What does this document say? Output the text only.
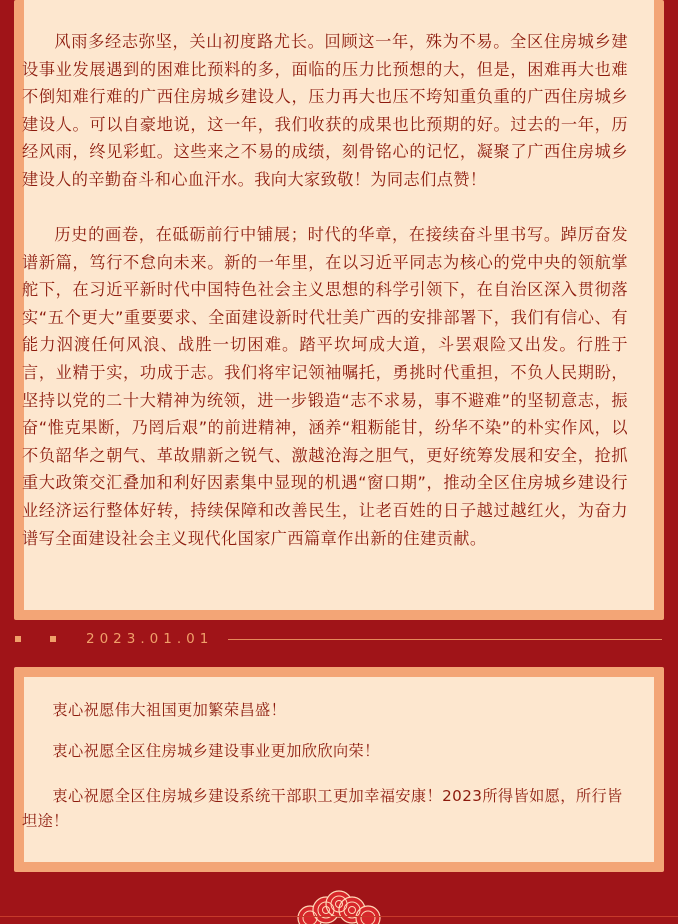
风雨多经志弥坚，关山初度路尤长。回顾这一年，殊为不易。全区住房城乡建设事业发展遇到的困难比预料的多，面临的压力比预想的大，但是，困难再大也难不倒知难行难的广西住房城乡建设人，压力再大也压不垮知重负重的广西住房城乡建设人。可以自豪地说，这一年，我们收获的成果也比预期的好。过去的一年，历经风雨，终见彩虹。这些来之不易的成绩，刻骨铭心的记忆，凝聚了广西住房城乡建设人的辛勤奋斗和心血汗水。我向大家致敬！为同志们点赞！

历史的画卷，在砥砺前行中铺展；时代的华章，在接续奋斗里书写。踔厉奋发谱新篇，笃行不怠向未来。新的一年里，在以习近平同志为核心的党中央的领航掌舵下，在习近平新时代中国特色社会主义思想的科学引领下，在自治区深入贯彻落实“五个更大”重要要求、全面建设新时代壮美广西的安排部署下，我们有信心、有能力泅渡任何风浪、战胜一切困难。踏平坎坷成大道，斗罢艰险又出发。行胜于言，业精于实，功成于志。我们将牢记领袖嘱托，勇挑时代重担，不负人民期盼，坚持以党的二十大精神为统领，进一步锻造“志不求易，事不避难”的坚韧意志，振奋“惟克果断，乃罔后艰”的前进精神，涵养“粗粝能甘，纷华不染”的朴实作风，以不负韶华之朝气、革故鼎新之锐气、激越沧海之胆气，更好统筹发展和安全，抢抓重大政策交汇叠加和利好因素集中显现的机遇“窗口期”，推动全区住房城乡建设行业经济运行整体好转，持续保障和改善民生，让老百姓的日子越过越红火，为奋力谱写全面建设社会主义现代化国家广西篇章作出新的住建贡献。

2023.01.01

衷心祝愿伟大祖国更加繁荣昌盛！

衷心祝愿全区住房城乡建设事业更加欣欣向荣！

衷心祝愿全区住房城乡建设系统干部职工更加幸福安康！2023所得皆如愿，所行皆坦途！
